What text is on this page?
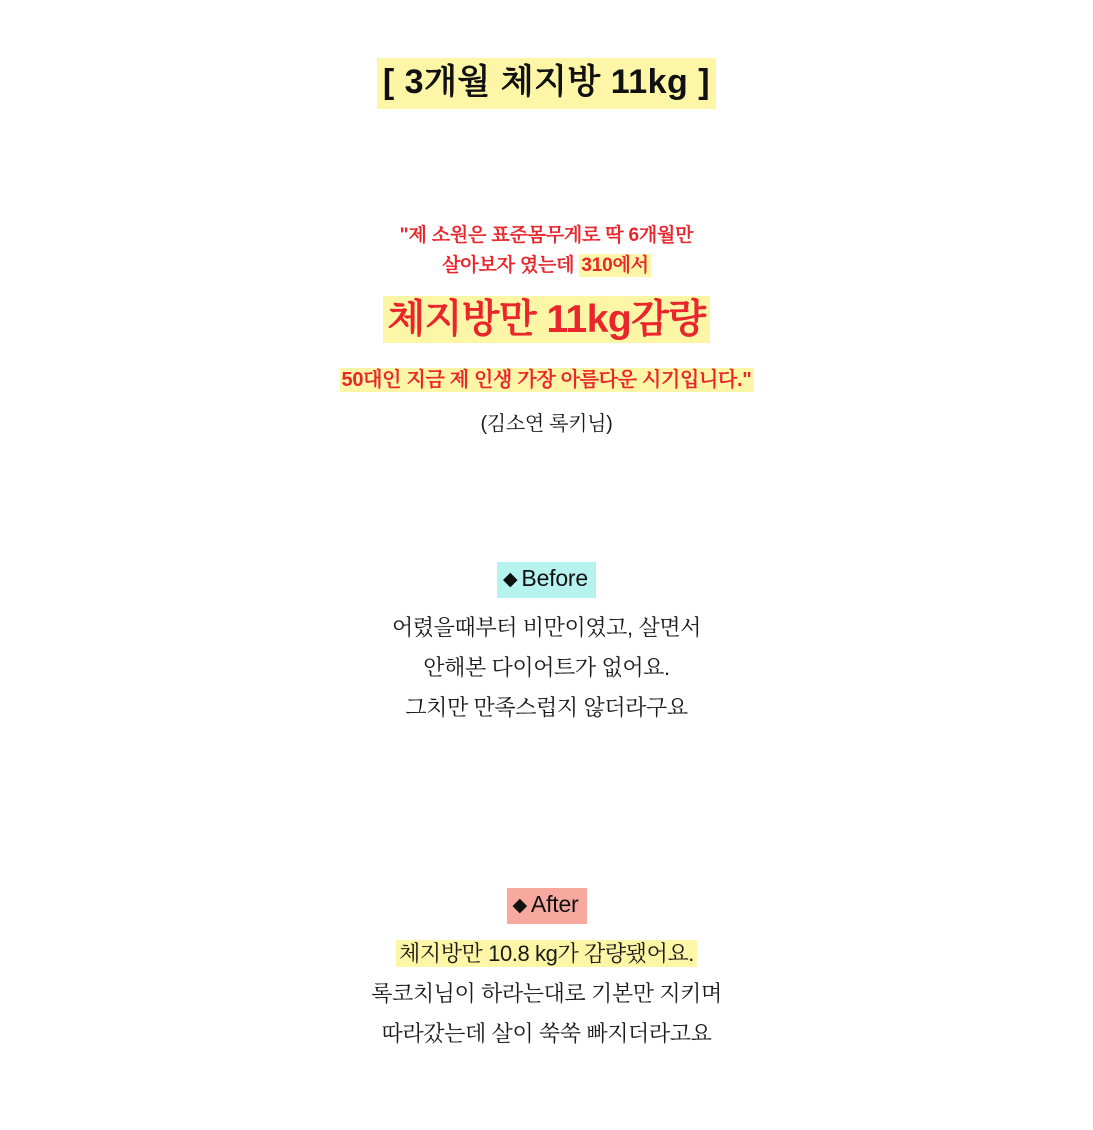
[ 3개월 체지방 11kg ]
"제 소원은 표준몸무게로 딱 6개월만
살아보자 였는데 310에서
체지방만 11kg감량
50대인 지금 제 인생 가장 아름다운 시기입니다."
(김소연 록키님)
◆ Before
어렸을때부터 비만이였고, 살면서
안해본 다이어트가 없어요.
그치만 만족스럽지 않더라구요
◆ After
체지방만 10.8 kg가 감량됐어요.
록코치님이 하라는대로 기본만 지키며
따라갔는데 살이 쑥쑥 빠지더라고요
